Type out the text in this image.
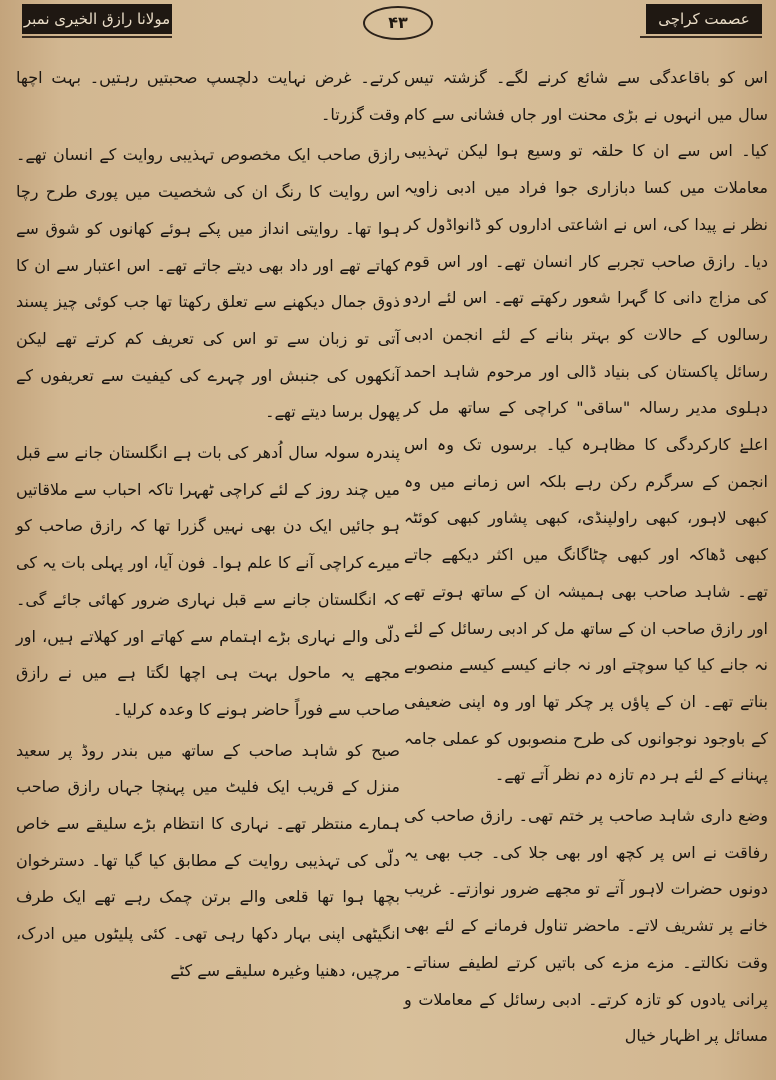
مولانا رازق الخیری نمبر	۴۳	عصمت کراچی

کرتے۔ غرض نہایت دلچسپ صحبتیں رہتیں۔ بہت اچھا وقت گزرتا۔

رازق صاحب ایک مخصوص تہذیبی روایت کے انسان تھے۔ اس روایت کا رنگ ان کی شخصیت میں پوری طرح رچا ہوا تھا۔ روایتی انداز میں پکے ہوئے کھانوں کو شوق سے کھاتے تھے اور داد بھی دیتے جاتے تھے۔ اس اعتبار سے ان کا ذوق جمال دیکھنے سے تعلق رکھتا تھا جب کوئی چیز پسند آتی تو زبان سے تو اس کی تعریف کم کرتے تھے لیکن آنکھوں کی جنبش اور چہرے کی کیفیت سے تعریفوں کے پھول برسا دیتے تھے۔

پندرہ سولہ سال اُدھر کی بات ہے انگلستان جانے سے قبل میں چند روز کے لئے کراچی ٹھہرا تاکہ احباب سے ملاقاتیں ہو جائیں ایک دن بھی نہیں گزرا تھا کہ رازق صاحب کو میرے کراچی آنے کا علم ہوا۔ فون آیا، اور پہلی بات یہ کی کہ انگلستان جانے سے قبل نہاری ضرور کھائی جائے گی۔ دلّی والے نہاری بڑے اہتمام سے کھاتے اور کھلاتے ہیں، اور مجھے یہ ماحول بہت ہی اچھا لگتا ہے میں نے رازق صاحب سے فوراً حاضر ہونے کا وعدہ کرلیا۔

صبح کو شاہد صاحب کے ساتھ میں بندر روڈ پر سعید منزل کے قریب ایک فلیٹ میں پہنچا جہاں رازق صاحب ہمارے منتظر تھے۔ نہاری کا انتظام بڑے سلیقے سے خاص دلّی کی تہذیبی روایت کے مطابق کیا گیا تھا۔ دسترخوان بچھا ہوا تھا قلعی والے برتن چمک رہے تھے ایک طرف انگیٹھی اپنی بہار دکھا رہی تھی۔ کئی پلیٹوں میں ادرک، مرچیں، دھنیا وغیرہ سلیقے سے کٹے

اس کو باقاعدگی سے شائع کرنے لگے۔ گزشتہ تیس سال میں انہوں نے بڑی محنت اور جاں فشانی سے کام کیا۔ اس سے ان کا حلقہ تو وسیع ہوا لیکن تہذیبی معاملات میں کسا دبازاری جوا فراد میں ادبی زاویہ نظر نے پیدا کی، اس نے اشاعتی اداروں کو ڈانواڈول کر دیا۔ رازق صاحب تجربے کار انسان تھے۔ اور اس قوم کی مزاج دانی کا گہرا شعور رکھتے تھے۔ اس لئے اردو رسالوں کے حالات کو بہتر بنانے کے لئے انجمن ادبی رسائل پاکستان کی بنیاد ڈالی اور مرحوم شاہد احمد دہلوی مدیر رسالہ "ساقی" کراچی کے ساتھ مل کر اعلےٰ کارکردگی کا مظاہرہ کیا۔ برسوں تک وہ اس انجمن کے سرگرم رکن رہے بلکہ اس زمانے میں وہ کبھی لاہور، کبھی راولپنڈی، کبھی پشاور کبھی کوئٹہ کبھی ڈھاکہ اور کبھی چٹاگانگ میں اکثر دیکھے جاتے تھے۔ شاہد صاحب بھی ہمیشہ ان کے ساتھ ہوتے تھے اور رازق صاحب ان کے ساتھ مل کر ادبی رسائل کے لئے نہ جانے کیا کیا سوچتے اور نہ جانے کیسے کیسے منصوبے بناتے تھے۔ ان کے پاؤں پر چکر تھا اور وہ اپنی ضعیفی کے باوجود نوجوانوں کی طرح منصوبوں کو عملی جامہ پہنانے کے لئے ہر دم تازہ دم نظر آتے تھے۔

وضع داری شاہد صاحب پر ختم تھی۔ رازق صاحب کی رفاقت نے اس پر کچھ اور بھی جلا کی۔ جب بھی یہ دونوں حضرات لاہور آتے تو مجھے ضرور نوازتے۔ غریب خانے پر تشریف لاتے۔ ماحضر تناول فرمانے کے لئے بھی وقت نکالتے۔ مزے مزے کی باتیں کرتے لطیفے سناتے۔ پرانی یادوں کو تازہ کرتے۔ ادبی رسائل کے معاملات و مسائل پر اظہار خیال
